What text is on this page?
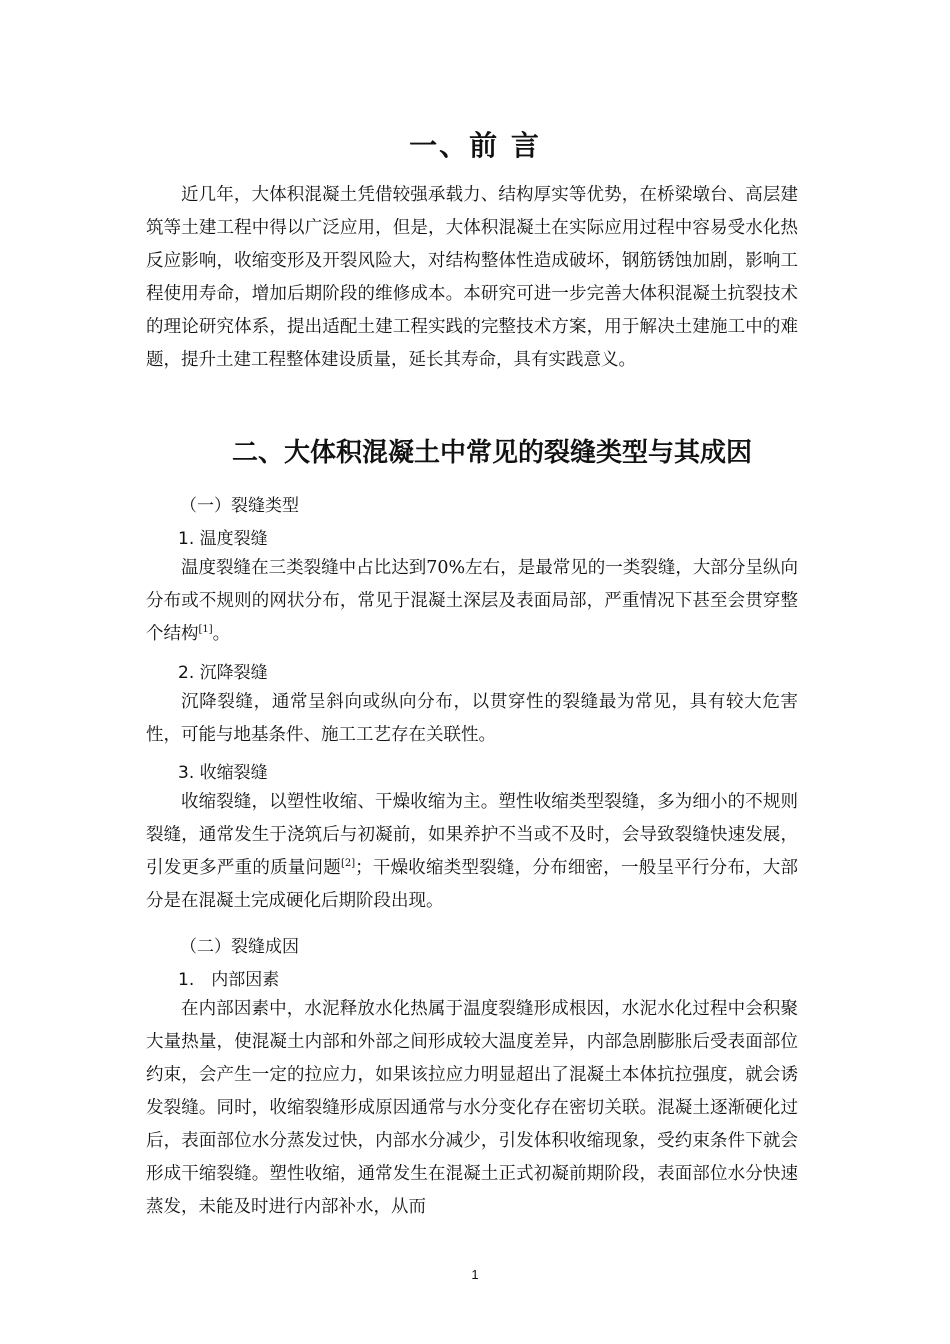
一、前 言

近几年，大体积混凝土凭借较强承载力、结构厚实等优势，在桥梁墩台、高层建筑等土建工程中得以广泛应用，但是，大体积混凝土在实际应用过程中容易受水化热反应影响，收缩变形及开裂风险大，对结构整体性造成破坏，钢筋锈蚀加剧，影响工程使用寿命，增加后期阶段的维修成本。本研究可进一步完善大体积混凝土抗裂技术的理论研究体系，提出适配土建工程实践的完整技术方案，用于解决土建施工中的难题，提升土建工程整体建设质量，延长其寿命，具有实践意义。

二、大体积混凝土中常见的裂缝类型与其成因

（一）裂缝类型

1. 温度裂缝

温度裂缝在三类裂缝中占比达到70%左右，是最常见的一类裂缝，大部分呈纵向分布或不规则的网状分布，常见于混凝土深层及表面局部，严重情况下甚至会贯穿整个结构[1]。

2. 沉降裂缝

沉降裂缝，通常呈斜向或纵向分布，以贯穿性的裂缝最为常见，具有较大危害性，可能与地基条件、施工工艺存在关联性。

3. 收缩裂缝

收缩裂缝，以塑性收缩、干燥收缩为主。塑性收缩类型裂缝，多为细小的不规则裂缝，通常发生于浇筑后与初凝前，如果养护不当或不及时，会导致裂缝快速发展，引发更多严重的质量问题[2]；干燥收缩类型裂缝，分布细密，一般呈平行分布，大部分是在混凝土完成硬化后期阶段出现。

（二）裂缝成因

1.　内部因素

在内部因素中，水泥释放水化热属于温度裂缝形成根因，水泥水化过程中会积聚大量热量，使混凝土内部和外部之间形成较大温度差异，内部急剧膨胀后受表面部位约束，会产生一定的拉应力，如果该拉应力明显超出了混凝土本体抗拉强度，就会诱发裂缝。同时，收缩裂缝形成原因通常与水分变化存在密切关联。混凝土逐渐硬化过后，表面部位水分蒸发过快，内部水分减少，引发体积收缩现象，受约束条件下就会形成干缩裂缝。塑性收缩，通常发生在混凝土正式初凝前期阶段，表面部位水分快速蒸发，未能及时进行内部补水，从而

1
